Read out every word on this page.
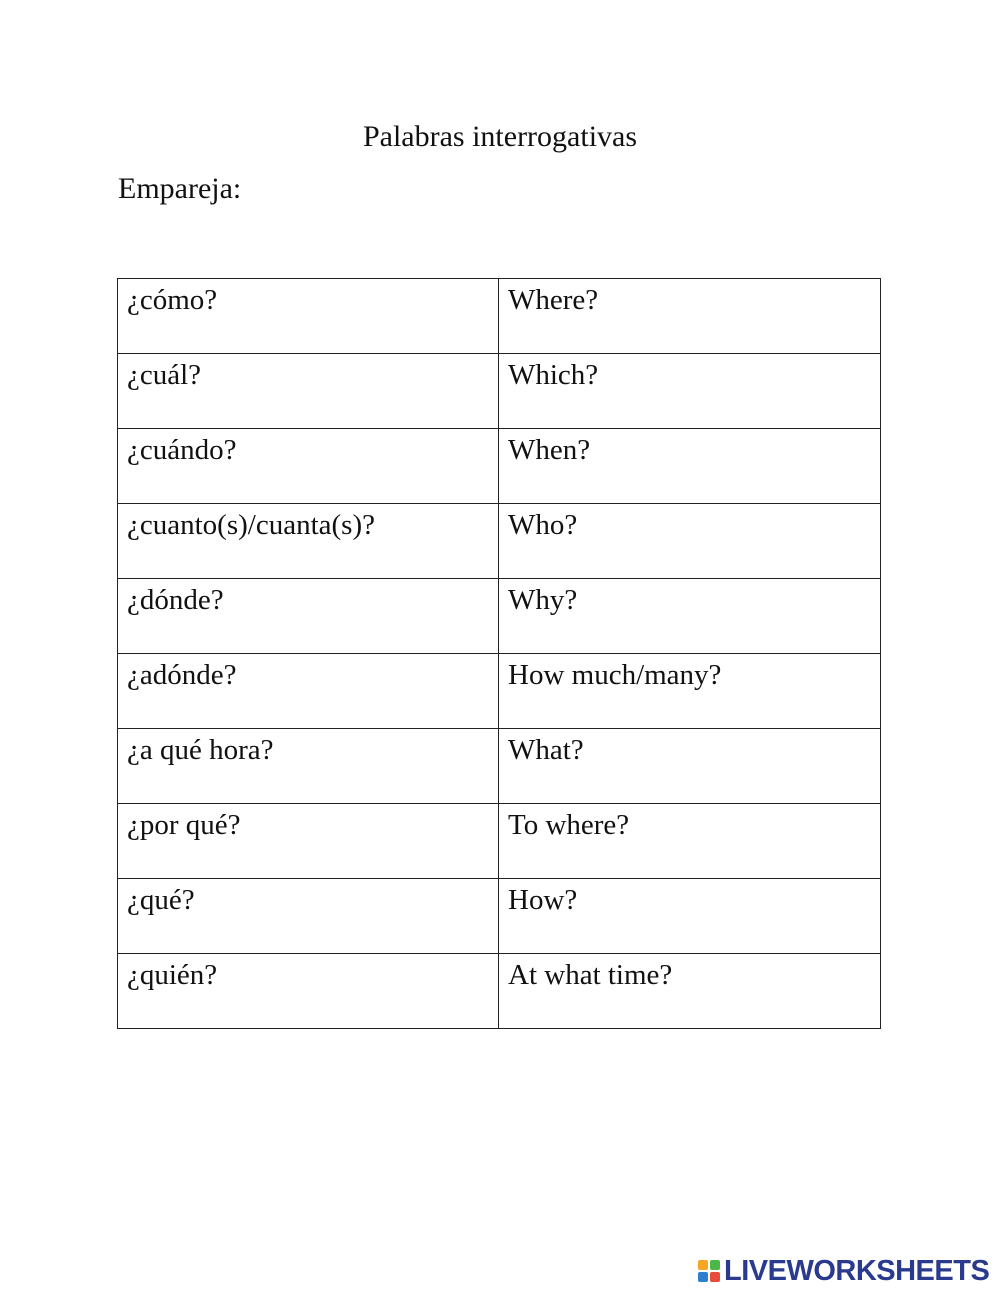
Palabras interrogativas
Empareja:
¿cómo?	Where?
¿cuál?	Which?
¿cuándo?	When?
¿cuanto(s)/cuanta(s)?	Who?
¿dónde?	Why?
¿adónde?	How much/many?
¿a qué hora?	What?
¿por qué?	To where?
¿qué?	How?
¿quién?	At what time?
LIVEWORKSHEETS
